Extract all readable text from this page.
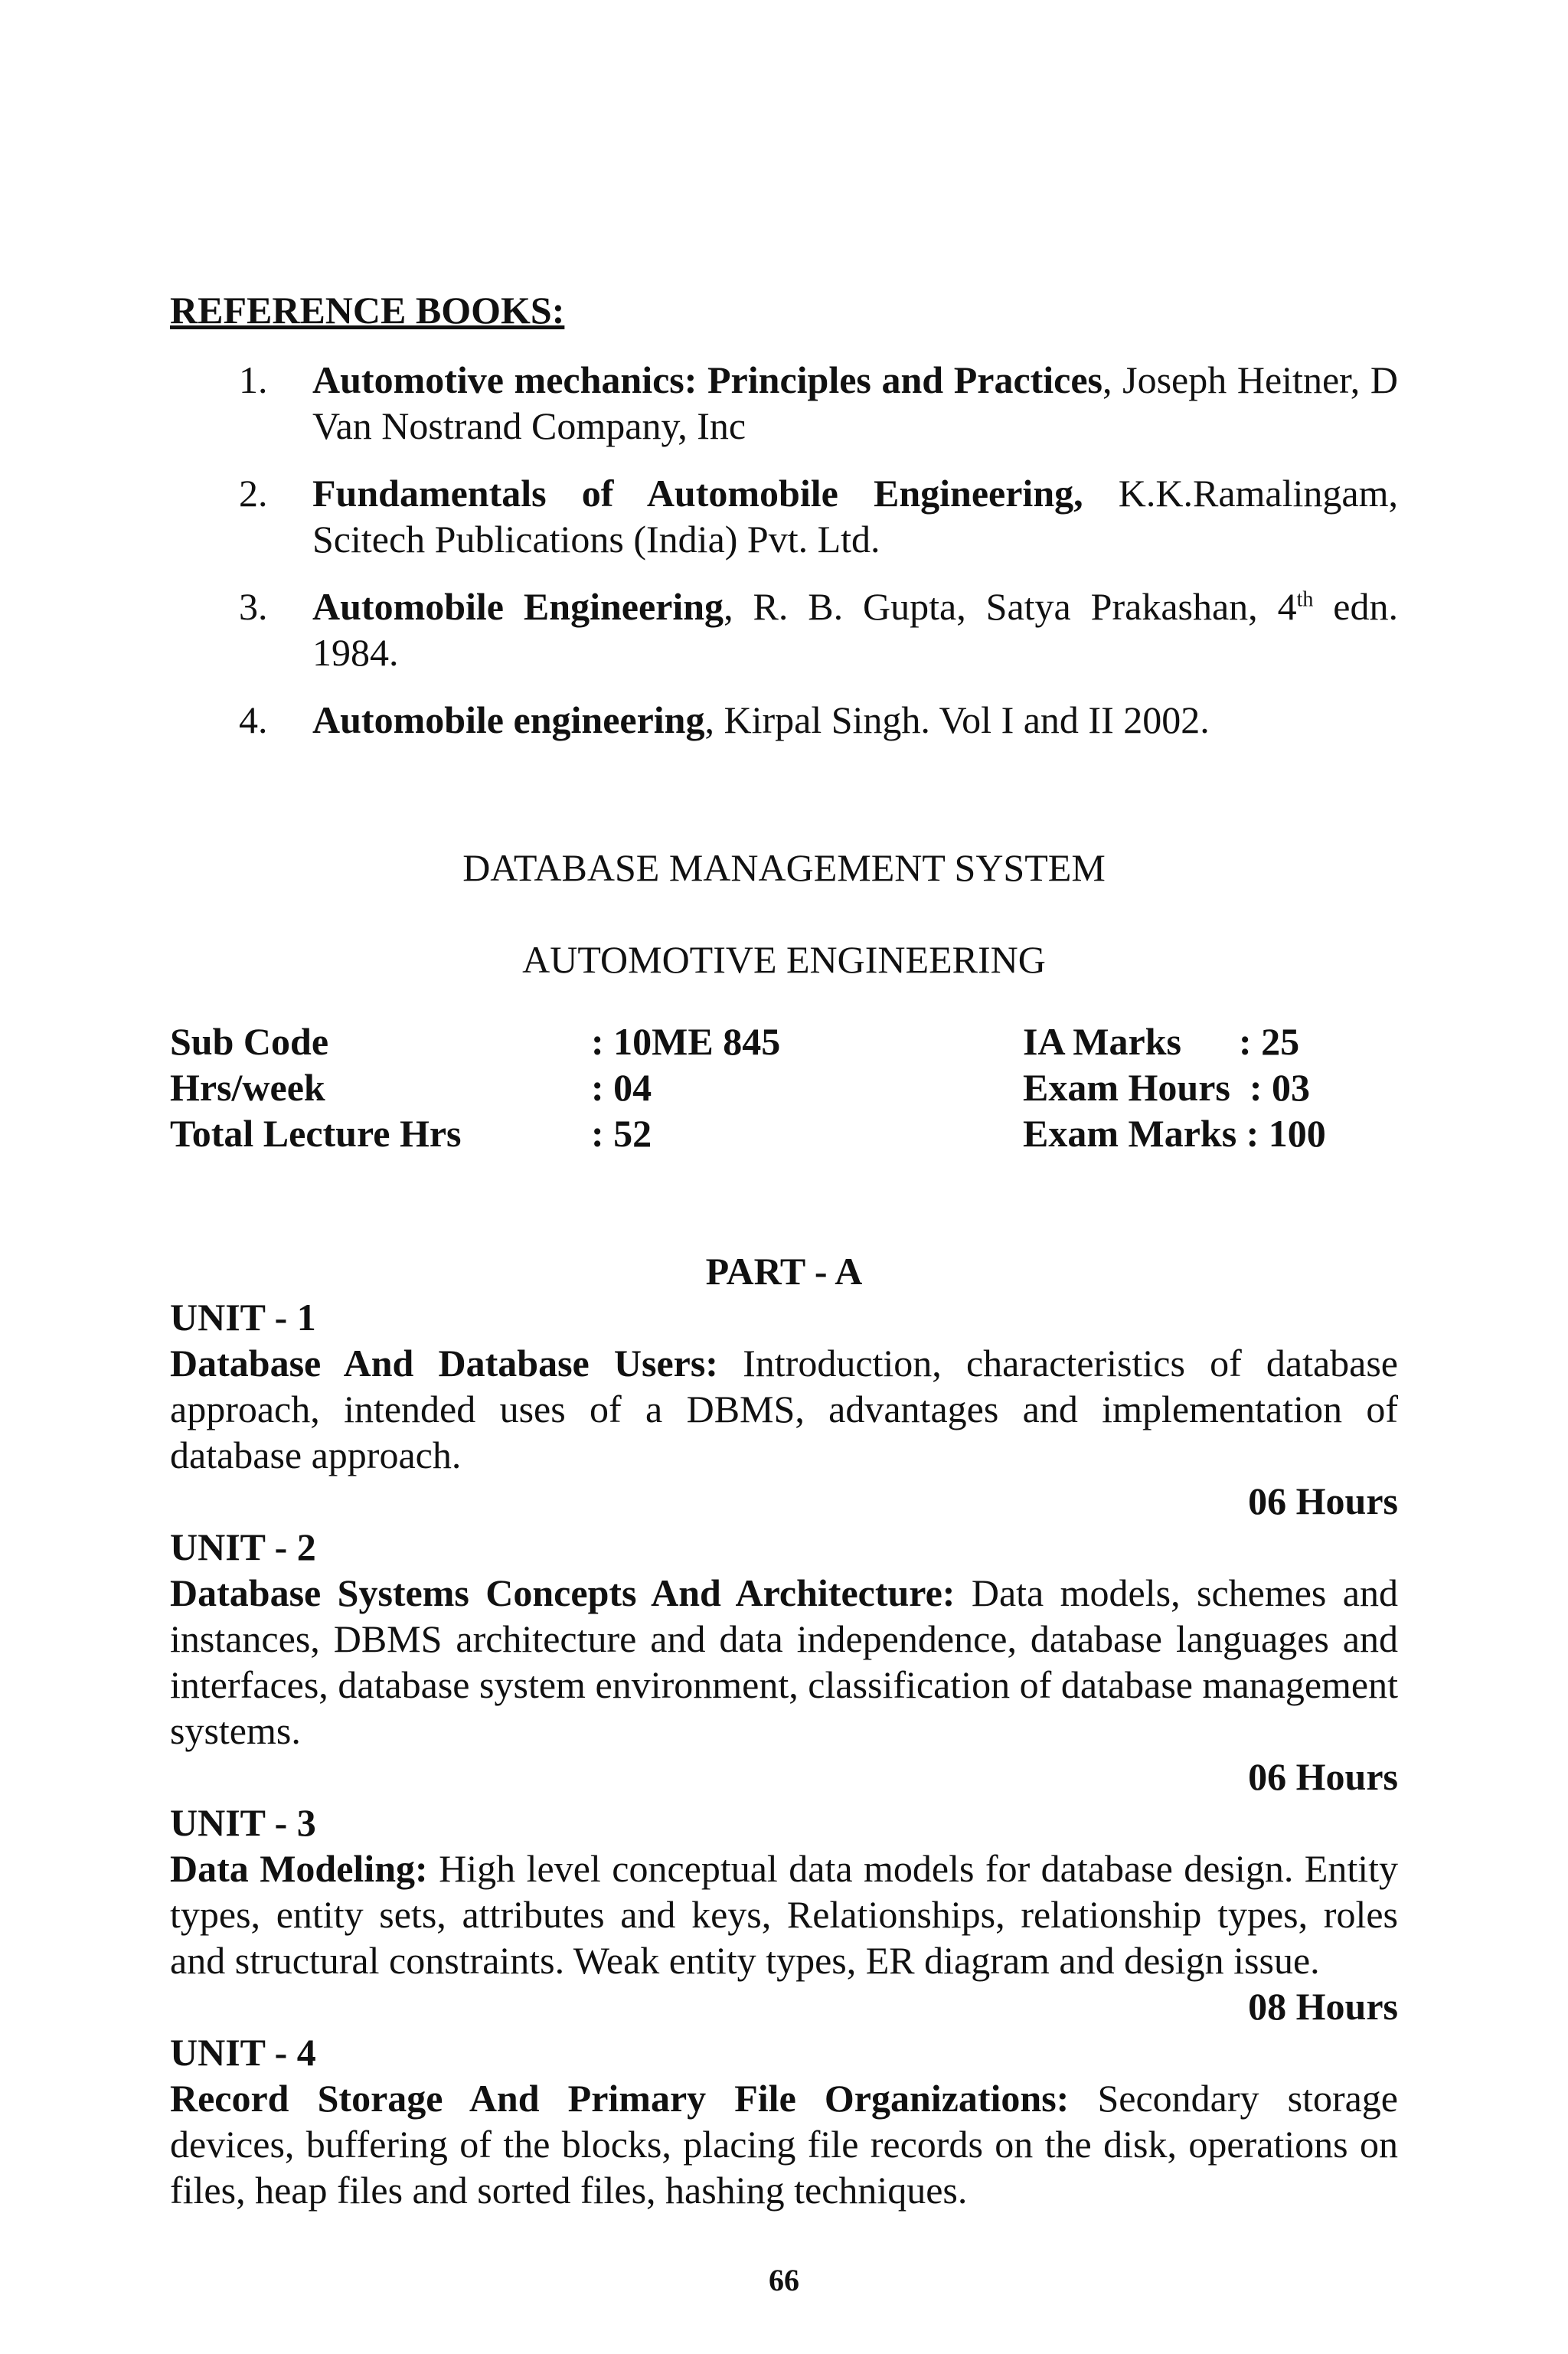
REFERENCE BOOKS:
1. Automotive mechanics: Principles and Practices, Joseph Heitner, D Van Nostrand Company, Inc
2. Fundamentals of Automobile Engineering, K.K.Ramalingam, Scitech Publications (India) Pvt. Ltd.
3. Automobile Engineering, R. B. Gupta, Satya Prakashan, 4th edn. 1984.
4. Automobile engineering, Kirpal Singh. Vol I and II 2002.
DATABASE MANAGEMENT SYSTEM
AUTOMOTIVE ENGINEERING
Sub Code	: 10ME 845	IA Marks      : 25
Hrs/week	: 04	Exam Hours  : 03
Total Lecture Hrs	: 52	Exam Marks : 100
PART - A
UNIT - 1
Database And Database Users: Introduction, characteristics of database approach, intended uses of a DBMS, advantages and implementation of database approach.
06 Hours
UNIT - 2
Database Systems Concepts And Architecture: Data models, schemes and instances, DBMS architecture and data independence, database languages and interfaces, database system environment, classification of database management systems.
06 Hours
UNIT - 3
Data Modeling: High level conceptual data models for database design. Entity types, entity sets, attributes and keys, Relationships, relationship types, roles and structural constraints. Weak entity types, ER diagram and design issue.
08 Hours
UNIT - 4
Record Storage And Primary File Organizations: Secondary storage devices, buffering of the blocks, placing file records on the disk, operations on files, heap files and sorted files, hashing techniques.
66
